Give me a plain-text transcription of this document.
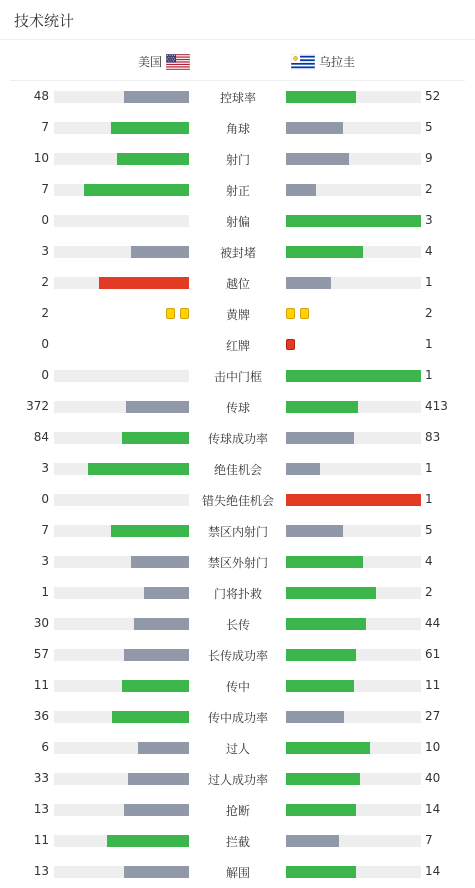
技术统计
美国	乌拉圭
48	控球率	52
7	角球	5
10	射门	9
7	射正	2
0	射偏	3
3	被封堵	4
2	越位	1
2	黄牌	2
0	红牌	1
0	击中门框	1
372	传球	413
84	传球成功率	83
3	绝佳机会	1
0	错失绝佳机会	1
7	禁区内射门	5
3	禁区外射门	4
1	门将扑救	2
30	长传	44
57	长传成功率	61
11	传中	11
36	传中成功率	27
6	过人	10
33	过人成功率	40
13	抢断	14
11	拦截	7
13	解围	14
